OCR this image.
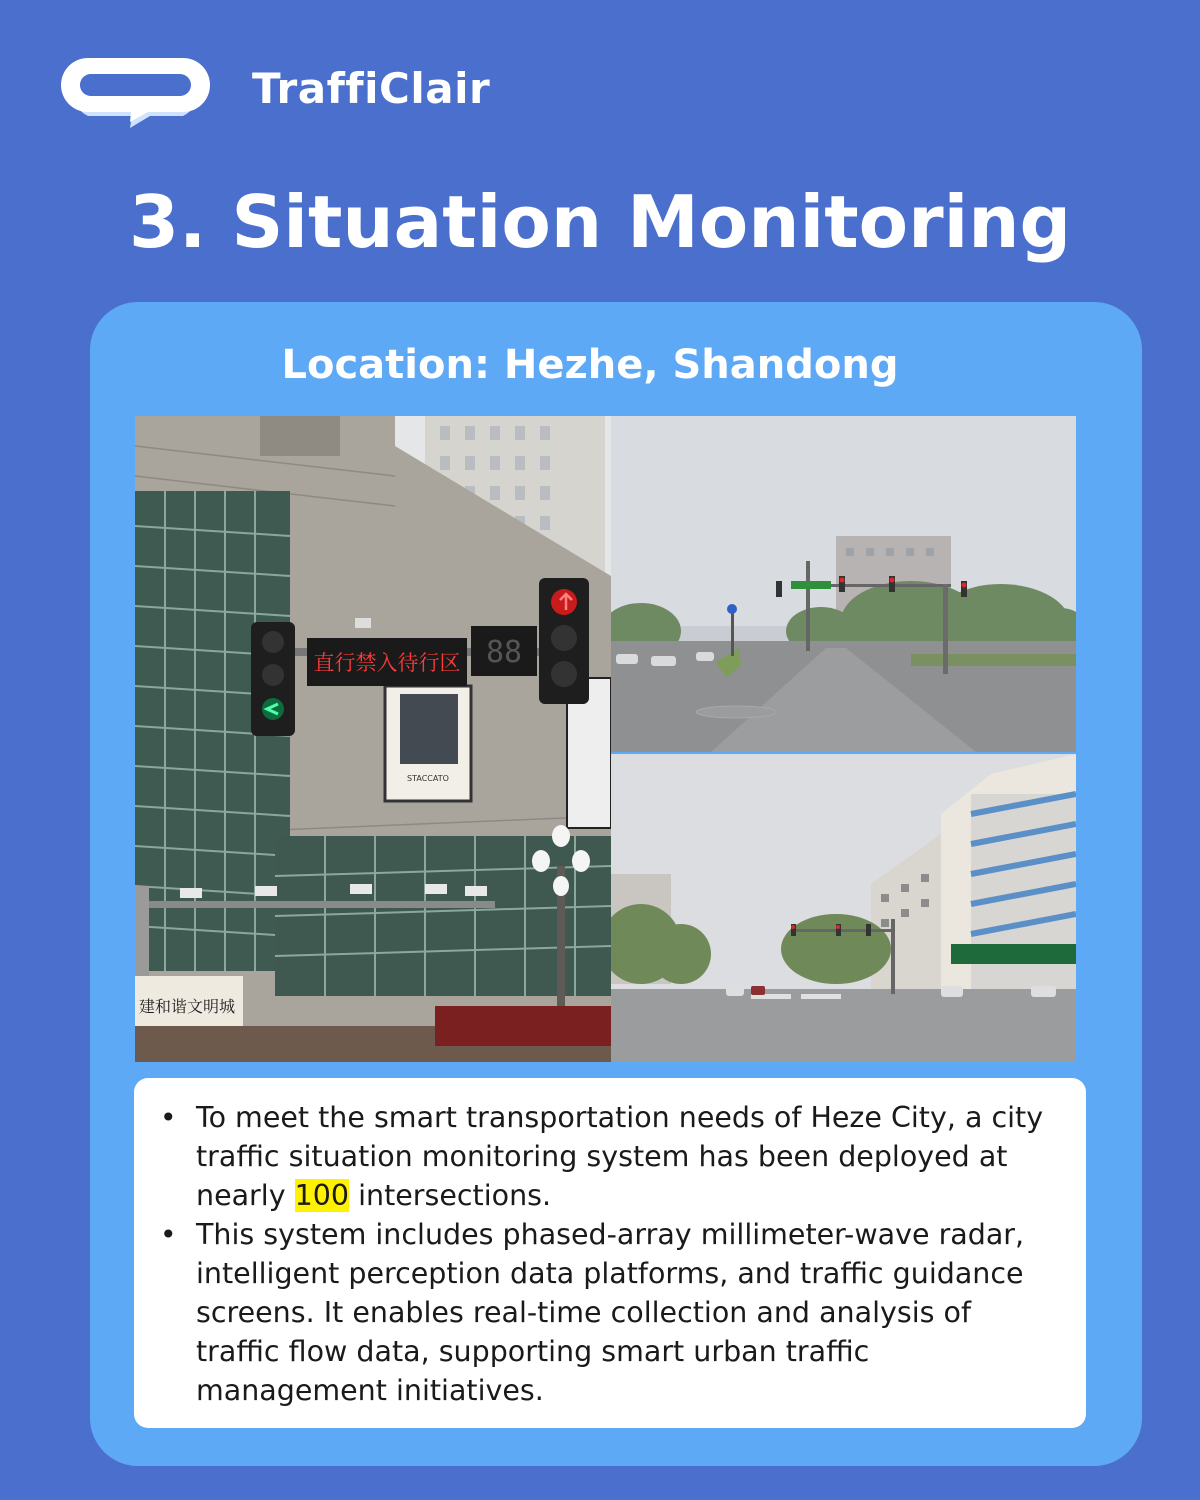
TraffiClair
3. Situation Monitoring
Location: Hezhe, Shandong
STACCATO
直行禁入待行区 88
建和谐文明城
• To meet the smart transportation needs of Heze City, a city traffic situation monitoring system has been deployed at nearly 100 intersections.
• This system includes phased-array millimeter-wave radar, intelligent perception data platforms, and traffic guidance screens. It enables real-time collection and analysis of traffic flow data, supporting smart urban traffic management initiatives.
